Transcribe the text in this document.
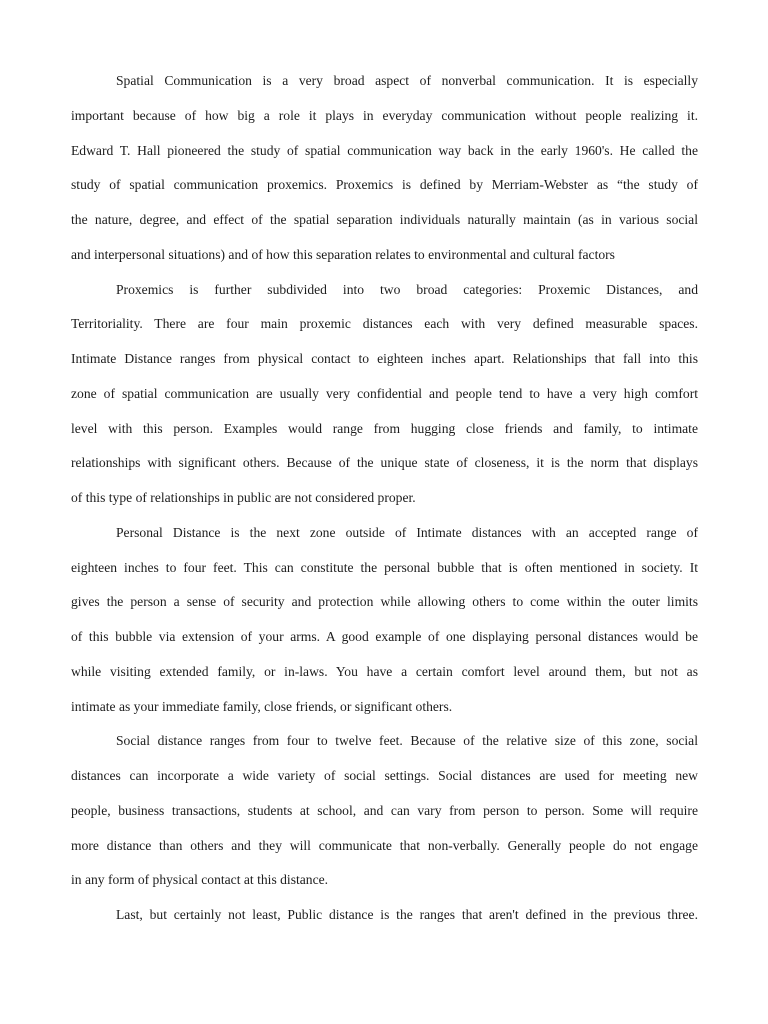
Spatial Communication is a very broad aspect of nonverbal communication. It is especially
important because of how big a role it plays in everyday communication without people realizing it.
Edward T. Hall pioneered the study of spatial communication way back in the early 1960's. He called the
study of spatial communication proxemics. Proxemics is defined by Merriam-Webster as “the study of
the nature, degree, and effect of the spatial separation individuals naturally maintain (as in various social
and interpersonal situations) and of how this separation relates to environmental and cultural factors
Proxemics is further subdivided into two broad categories: Proxemic Distances, and
Territoriality. There are four main proxemic distances each with very defined measurable spaces.
Intimate Distance ranges from physical contact to eighteen inches apart. Relationships that fall into this
zone of spatial communication are usually very confidential and people tend to have a very high comfort
level with this person. Examples would range from hugging close friends and family, to intimate
relationships with significant others. Because of the unique state of closeness, it is the norm that displays
of this type of relationships in public are not considered proper.
Personal Distance is the next zone outside of Intimate distances with an accepted range of
eighteen inches to four feet. This can constitute the personal bubble that is often mentioned in society. It
gives the person a sense of security and protection while allowing others to come within the outer limits
of this bubble via extension of your arms. A good example of one displaying personal distances would be
while visiting extended family, or in-laws. You have a certain comfort level around them, but not as
intimate as your immediate family, close friends, or significant others.
Social distance ranges from four to twelve feet. Because of the relative size of this zone, social
distances can incorporate a wide variety of social settings. Social distances are used for meeting new
people, business transactions, students at school, and can vary from person to person. Some will require
more distance than others and they will communicate that non-verbally. Generally people do not engage
in any form of physical contact at this distance.
Last, but certainly not least, Public distance is the ranges that aren't defined in the previous three.
